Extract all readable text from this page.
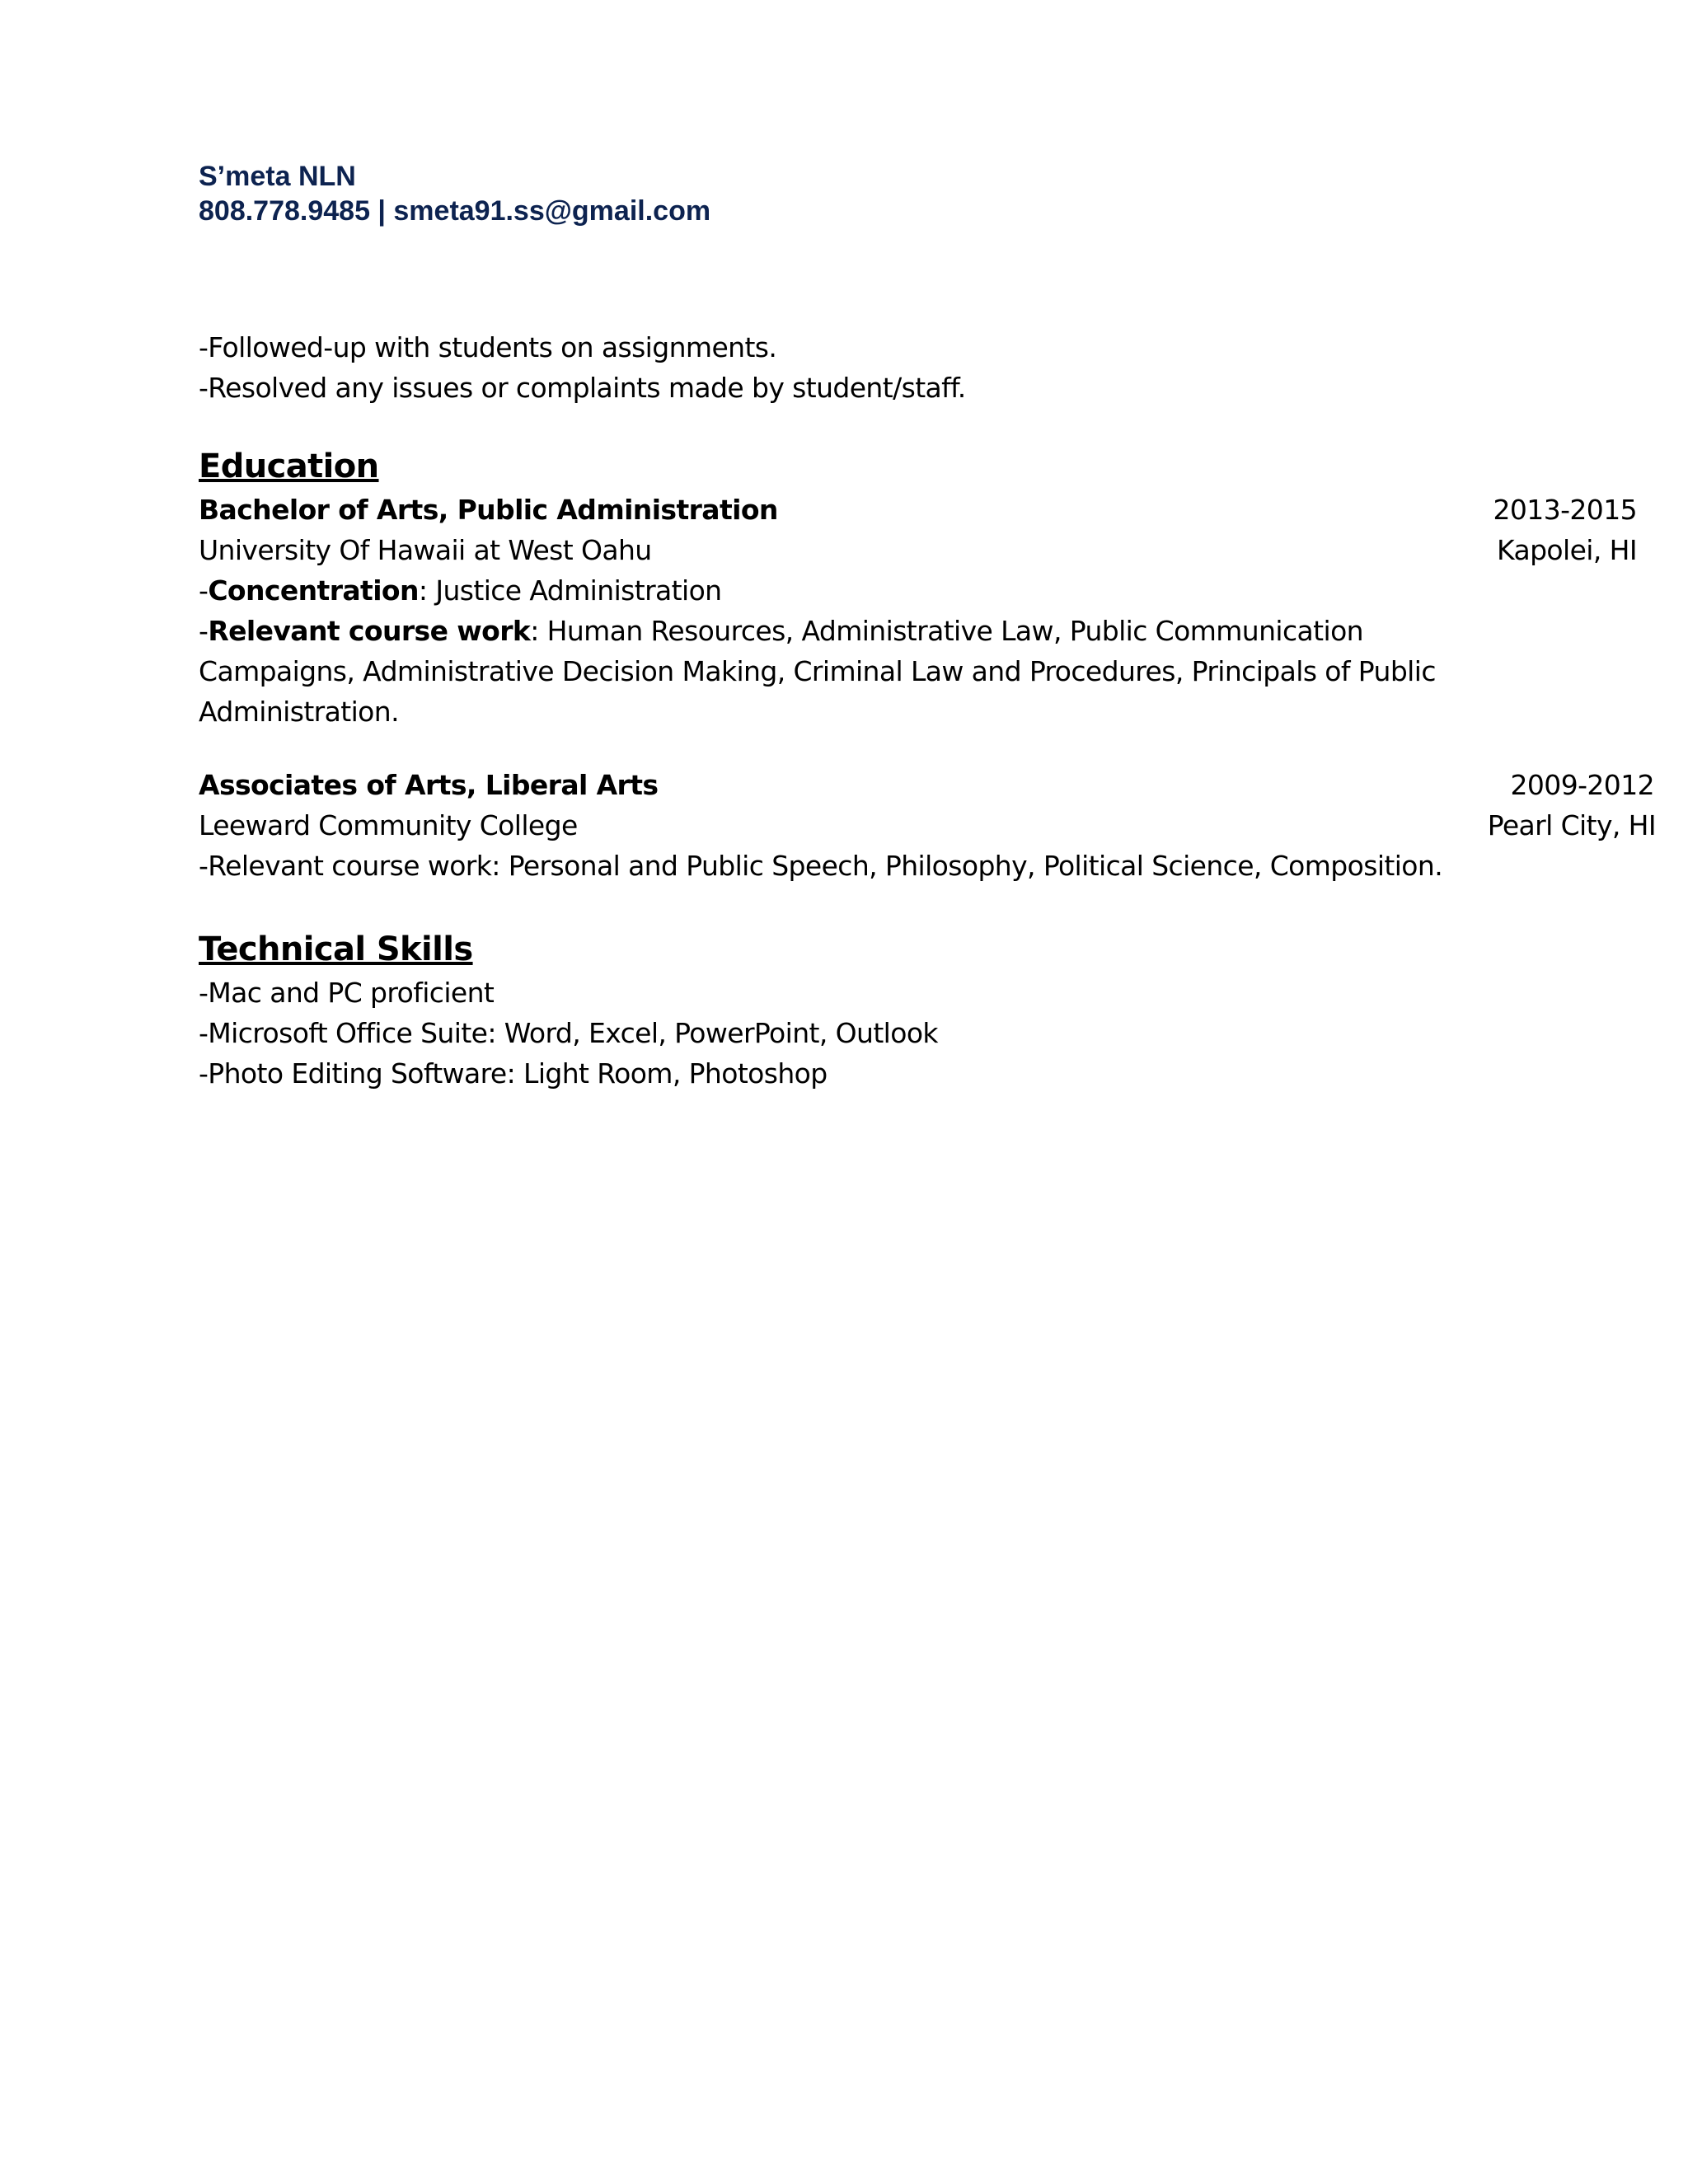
S’meta NLN
808.778.9485 | smeta91.ss@gmail.com
-Followed-up with students on assignments.
-Resolved any issues or complaints made by student/staff.
Education
Bachelor of Arts, Public Administration	2013-2015
University Of Hawaii at West Oahu	Kapolei, HI
-Concentration: Justice Administration
-Relevant course work: Human Resources, Administrative Law, Public Communication Campaigns, Administrative Decision Making, Criminal Law and Procedures, Principals of Public Administration.
Associates of Arts, Liberal Arts	2009-2012
Leeward Community College	Pearl City, HI
-Relevant course work: Personal and Public Speech, Philosophy, Political Science, Composition.
Technical Skills
-Mac and PC proficient
-Microsoft Office Suite: Word, Excel, PowerPoint, Outlook
-Photo Editing Software: Light Room, Photoshop
